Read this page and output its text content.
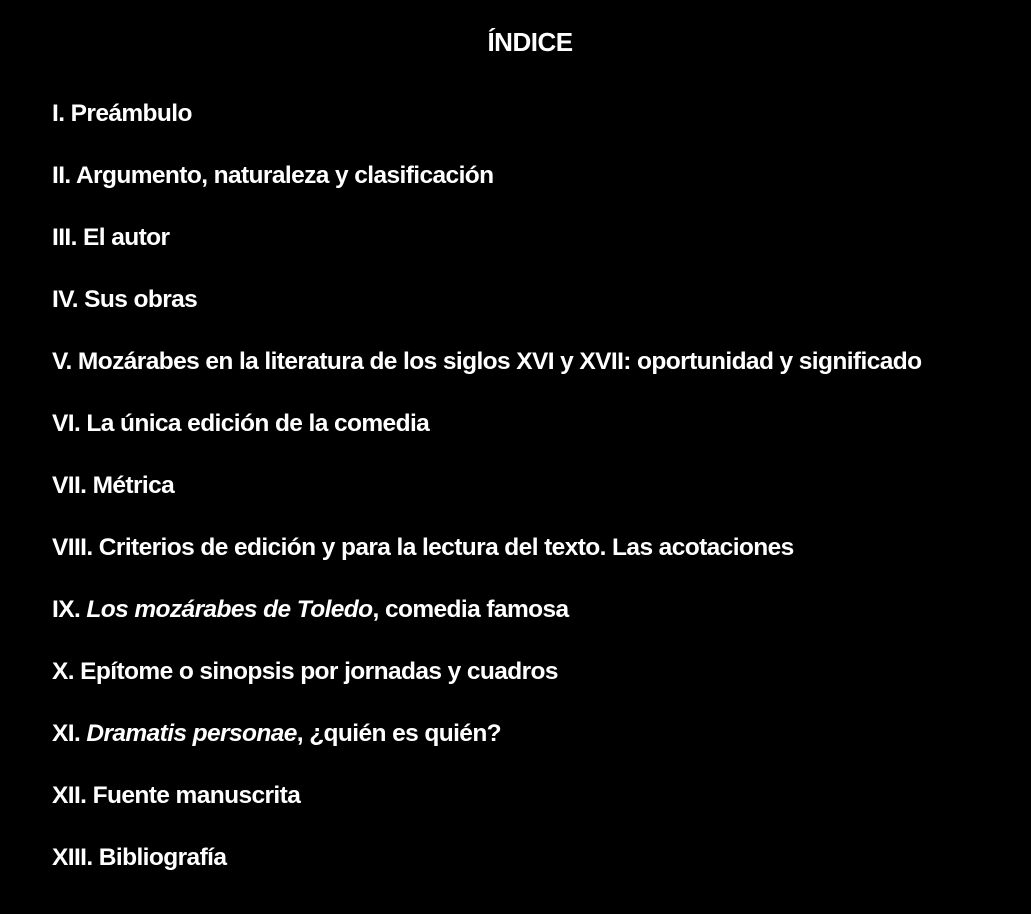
ÍNDICE
I. Preámbulo
II. Argumento, naturaleza y clasificación
III. El autor
IV. Sus obras
V. Mozárabes en la literatura de los siglos XVI y XVII: oportunidad y significado
VI. La única edición de la comedia
VII. Métrica
VIII. Criterios de edición y para la lectura del texto. Las acotaciones
IX. Los mozárabes de Toledo, comedia famosa
X. Epítome o sinopsis por jornadas y cuadros
XI. Dramatis personae, ¿quién es quién?
XII. Fuente manuscrita
XIII. Bibliografía
